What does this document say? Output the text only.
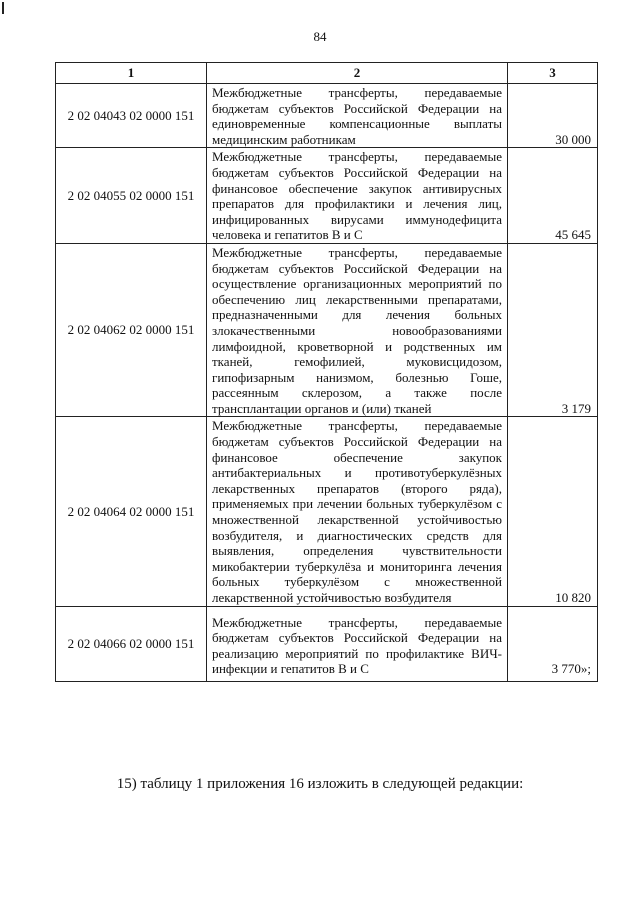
84
1	2	3
2 02 04043 02 0000 151	Межбюджетные трансферты, передаваемые бюджетам субъектов Российской Федерации на единовременные компенсационные выплаты медицинским работникам	30 000
2 02 04055 02 0000 151	Межбюджетные трансферты, передаваемые бюджетам субъектов Российской Федерации на финансовое обеспечение закупок антивирусных препаратов для профилактики и лечения лиц, инфицированных вирусами иммунодефицита человека и гепатитов В и С	45 645
2 02 04062 02 0000 151	Межбюджетные трансферты, передаваемые бюджетам субъектов Российской Федерации на осуществление организационных мероприятий по обеспечению лиц лекарственными препаратами, предназначенными для лечения больных злокачественными новообразованиями лимфоидной, кроветворной и родственных им тканей, гемофилией, муковисцидозом, гипофизарным нанизмом, болезнью Гоше, рассеянным склерозом, а также после трансплантации органов и (или) тканей	3 179
2 02 04064 02 0000 151	Межбюджетные трансферты, передаваемые бюджетам субъектов Российской Федерации на финансовое обеспечение закупок антибактериальных и противотуберкулёзных лекарственных препаратов (второго ряда), применяемых при лечении больных туберкулёзом с множественной лекарственной устойчивостью возбудителя, и диагностических средств для выявления, определения чувствительности микобактерии туберкулёза и мониторинга лечения больных туберкулёзом с множественной лекарственной устойчивостью возбудителя	10 820
2 02 04066 02 0000 151	Межбюджетные трансферты, передаваемые бюджетам субъектов Российской Федерации на реализацию мероприятий по профилактике ВИЧ-инфекции и гепатитов В и С	3 770»;
15) таблицу 1 приложения 16 изложить в следующей редакции:
